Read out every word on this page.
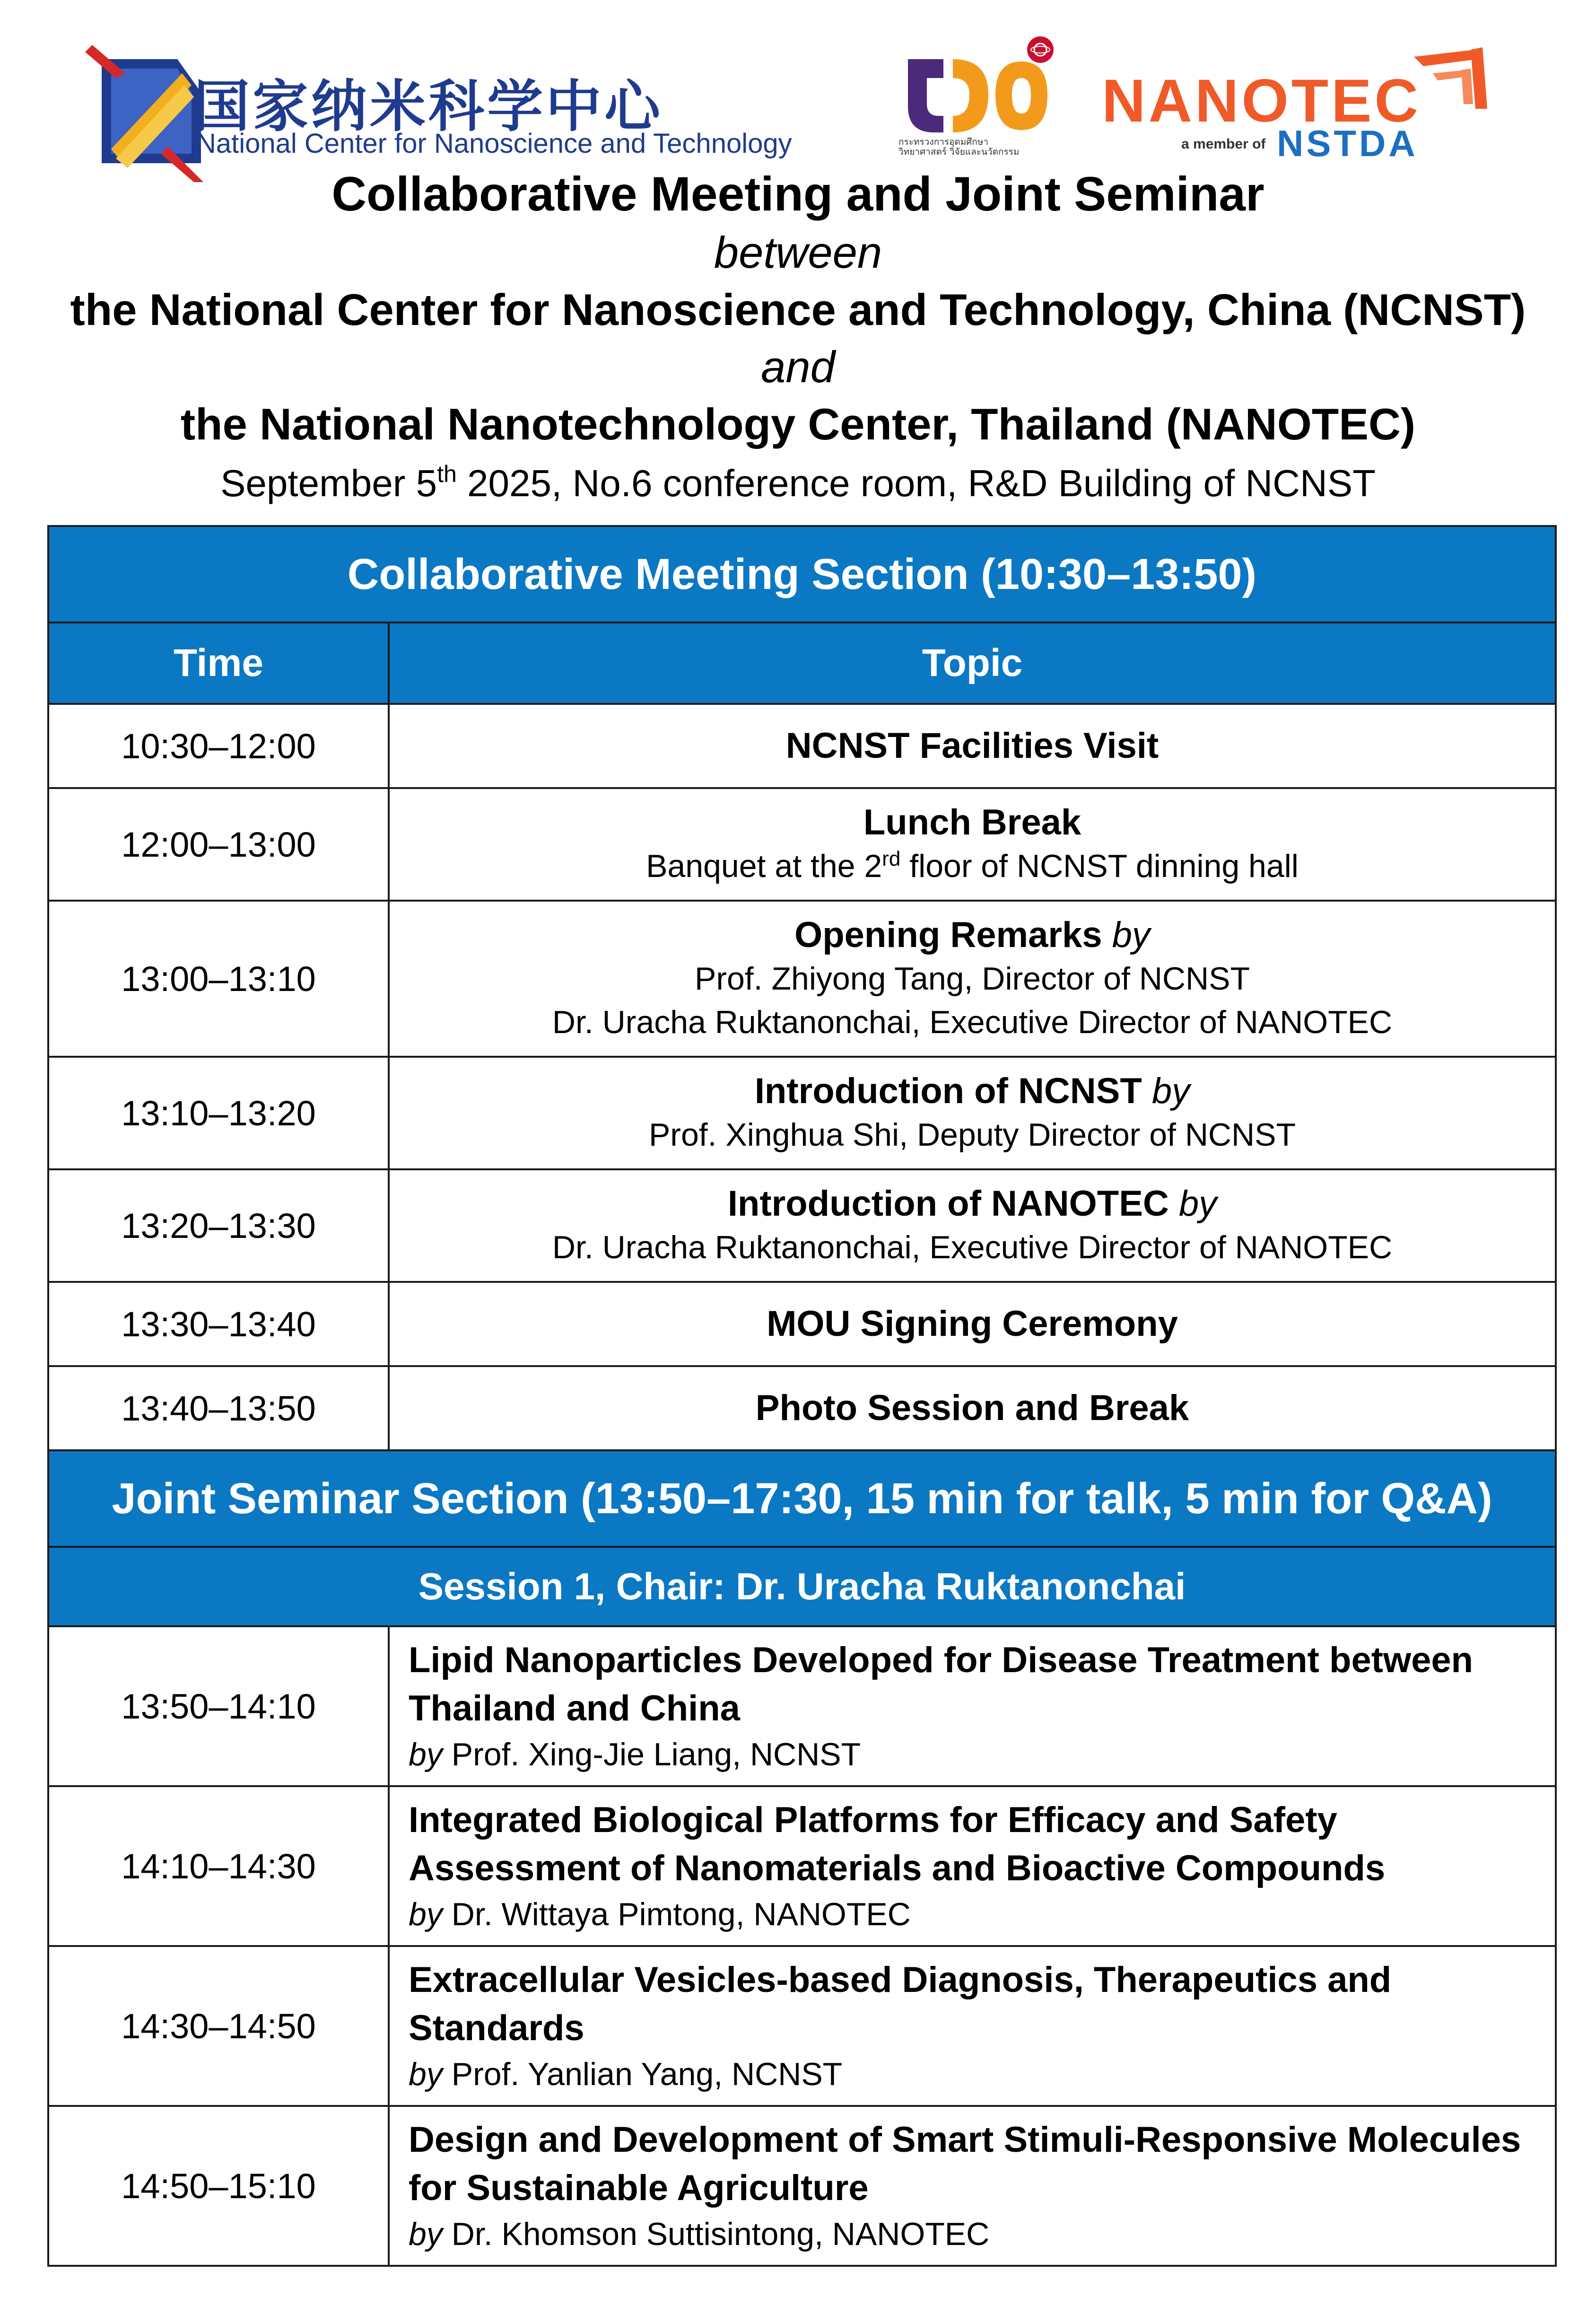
国家纳米科学中心
National Center for Nanoscience and Technology	กระทรวงการอุดมศึกษา
วิทยาศาสตร์ วิจัยและนวัตกรรม
NANOTEC
a member of NSTDA
Collaborative Meeting and Joint Seminar
between
the National Center for Nanoscience and Technology, China (NCNST)
and
the National Nanotechnology Center, Thailand (NANOTEC)
September 5th 2025, No.6 conference room, R&D Building of NCNST
Collaborative Meeting Section (10:30–13:50)	
Time	Topic
10:30–12:00	NCNST Facilities Visit

12:00–13:00	Lunch Break
Banquet at the 2rd floor of NCNST dinning hall

13:00–13:10	Opening Remarks by
Prof. Zhiyong Tang, Director of NCNST
Dr. Uracha Ruktanonchai, Executive Director of NANOTEC

13:10–13:20	Introduction of NCNST by
Prof. Xinghua Shi, Deputy Director of NCNST

13:20–13:30	Introduction of NANOTEC by
Dr. Uracha Ruktanonchai, Executive Director of NANOTEC

13:30–13:40	MOU Signing Ceremony

13:40–13:50	Photo Session and Break

Joint Seminar Section (13:50–17:30, 15 min for talk, 5 min for Q&A)	
Session 1, Chair: Dr. Uracha Ruktanonchai	
13:50–14:10	Lipid Nanoparticles Developed for Disease Treatment between
Thailand and China
by Prof. Xing-Jie Liang, NCNST

14:10–14:30	Integrated Biological Platforms for Efficacy and Safety
Assessment of Nanomaterials and Bioactive Compounds
by Dr. Wittaya Pimtong, NANOTEC

14:30–14:50	Extracellular Vesicles-based Diagnosis, Therapeutics and
Standards
by Prof. Yanlian Yang, NCNST

14:50–15:10	Design and Development of Smart Stimuli-Responsive Molecules
for Sustainable Agriculture
by Dr. Khomson Suttisintong, NANOTEC
